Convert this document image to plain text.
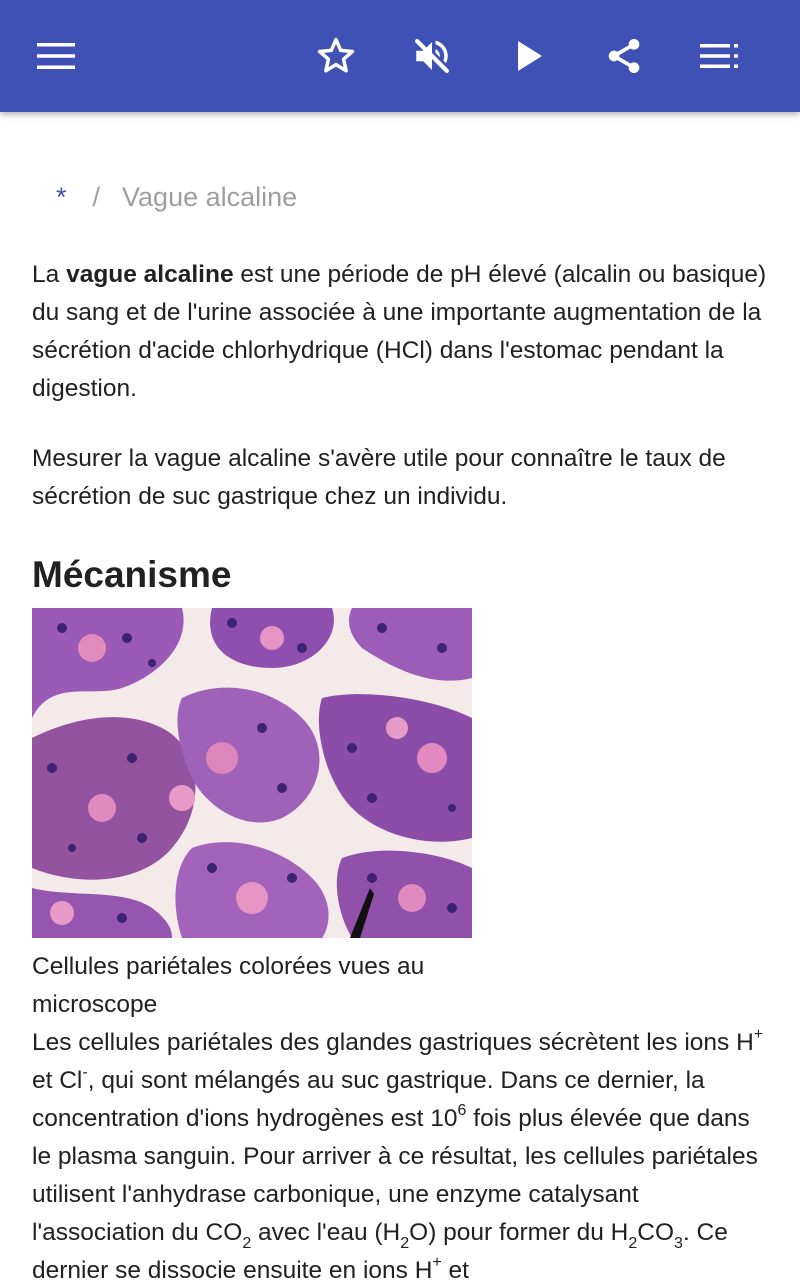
* / Vague alcaline

La vague alcaline est une période de pH élevé (alcalin ou basique) du sang et de l'urine associée à une importante augmentation de la sécrétion d'acide chlorhydrique (HCl) dans l'estomac pendant la digestion.

Mesurer la vague alcaline s'avère utile pour connaître le taux de sécrétion de suc gastrique chez un individu.

Mécanisme

Cellules pariétales colorées vues au microscope

Les cellules pariétales des glandes gastriques sécrètent les ions H+ et Cl-, qui sont mélangés au suc gastrique. Dans ce dernier, la concentration d'ions hydrogènes est $10^6$ fois plus élevée que dans le plasma sanguin. Pour arriver à ce résultat, les cellules pariétales utilisent l'anhydrase carbonique, une enzyme catalysant l'association du $CO_2$ avec l'eau $(H_2O)$ pour former du $H_2CO_3$. Ce dernier se dissocie ensuite en ions H+ et
